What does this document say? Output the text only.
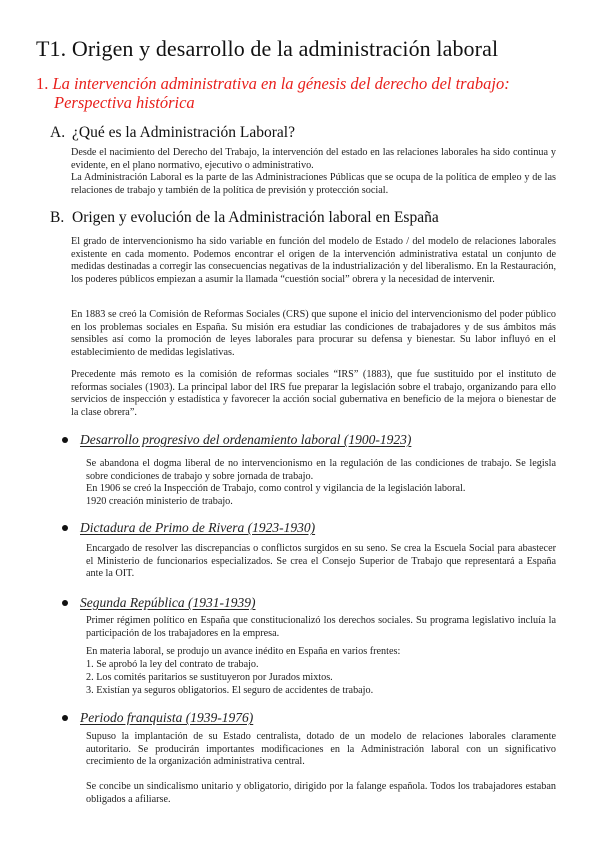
T1. Origen y desarrollo de la administración laboral
1. La intervención administrativa en la génesis del derecho del trabajo:
Perspectiva histórica
A. ¿Qué es la Administración Laboral?
Desde el nacimiento del Derecho del Trabajo, la intervención del estado en las relaciones laborales ha sido continua y evidente, en el plano normativo, ejecutivo o administrativo.
La Administración Laboral es la parte de las Administraciones Públicas que se ocupa de la política de empleo y de las relaciones de trabajo y también de la política de previsión y protección social.
B. Origen y evolución de la Administración laboral en España

El grado de intervencionismo ha sido variable en función del modelo de Estado / del modelo de relaciones laborales existente en cada momento. Podemos encontrar el origen de la intervención administrativa estatal un conjunto de medidas destinadas a corregir las consecuencias negativas de la industrialización y del liberalismo. En la Restauración, los poderes públicos empiezan a asumir la llamada “cuestión social” obrera y la necesidad de intervenir.

En 1883 se creó la Comisión de Reformas Sociales (CRS) que supone el inicio del intervencionismo del poder público en los problemas sociales en España. Su misión era estudiar las condiciones de trabajadores y de sus ámbitos más sensibles así como la promoción de leyes laborales para procurar su defensa y bienestar. Su labor influyó en el establecimiento de medidas legislativas.

Precedente más remoto es la comisión de reformas sociales “IRS” (1883), que fue sustituido por el instituto de reformas sociales (1903). La principal labor del IRS fue preparar la legislación sobre el trabajo, organizando para ello servicios de inspección y estadística y favorecer la acción social gubernativa en beneficio de la mejora o bienestar de la clase obrera”.

Desarrollo progresivo del ordenamiento laboral (1900-1923)
Se abandona el dogma liberal de no intervencionismo en la regulación de las condiciones de trabajo. Se legisla sobre condiciones de trabajo y sobre jornada de trabajo.
En 1906 se creó la Inspección de Trabajo, como control y vigilancia de la legislación laboral.
1920 creación ministerio de trabajo.
Dictadura de Primo de Rivera (1923-1930)

Encargado de resolver las discrepancias o conflictos surgidos en su seno. Se crea la Escuela Social para abastecer el Ministerio de funcionarios especializados. Se crea el Consejo Superior de Trabajo que representará a España ante la OIT.

Segunda República (1931-1939)

Primer régimen político en España que constitucionalizó los derechos sociales. Su programa legislativo incluía la participación de los trabajadores en la empresa.

En materia laboral, se produjo un avance inédito en España en varios frentes:

1. Se aprobó la ley del contrato de trabajo.
2. Los comités paritarios se sustituyeron por Jurados mixtos.
3. Existían ya seguros obligatorios. El seguro de accidentes de trabajo.
Periodo franquista (1939-1976)

Supuso la implantación de su Estado centralista, dotado de un modelo de relaciones laborales claramente autoritario. Se producirán importantes modificaciones en la Administración laboral con un significativo crecimiento de la organización administrativa central.

Se concibe un sindicalismo unitario y obligatorio, dirigido por la falange española. Todos los trabajadores estaban obligados a afiliarse.
